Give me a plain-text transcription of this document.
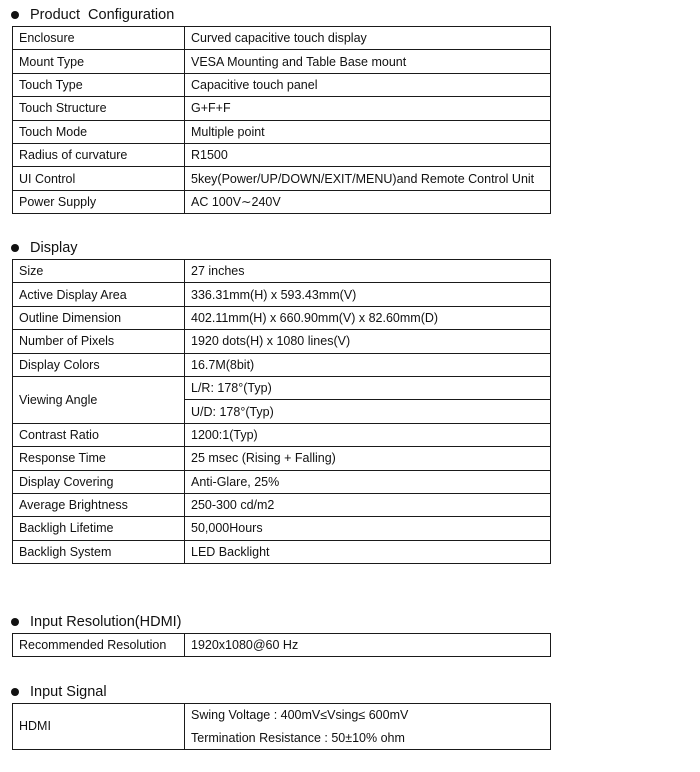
Product  Configuration
Enclosure	Curved capacitive touch display
Mount Type	VESA Mounting and Table Base mount
Touch Type	Capacitive touch panel
Touch Structure	G+F+F
Touch Mode	Multiple point
Radius of curvature	R1500
UI Control	5key(Power/UP/DOWN/EXIT/MENU)and Remote Control Unit
Power Supply	AC 100V∼240V
Display
Size	27 inches
Active Display Area	336.31mm(H) x 593.43mm(V)
Outline Dimension	402.11mm(H) x 660.90mm(V) x 82.60mm(D)
Number of Pixels	1920 dots(H) x 1080 lines(V)
Display Colors	16.7M(8bit)
Viewing Angle	L/R: 178°(Typ)
	U/D: 178°(Typ)
Contrast Ratio	1200:1(Typ)
Response Time	25 msec (Rising + Falling)
Display Covering	Anti-Glare, 25%
Average Brightness	250-300 cd/m2
Backligh Lifetime	50,000Hours
Backligh System	LED Backlight
Input Resolution(HDMI)
Recommended Resolution	1920x1080@60 Hz
Input Signal
HDMI	Swing Voltage : 400mV≤Vsing≤ 600mV
Termination Resistance : 50±10% ohm
